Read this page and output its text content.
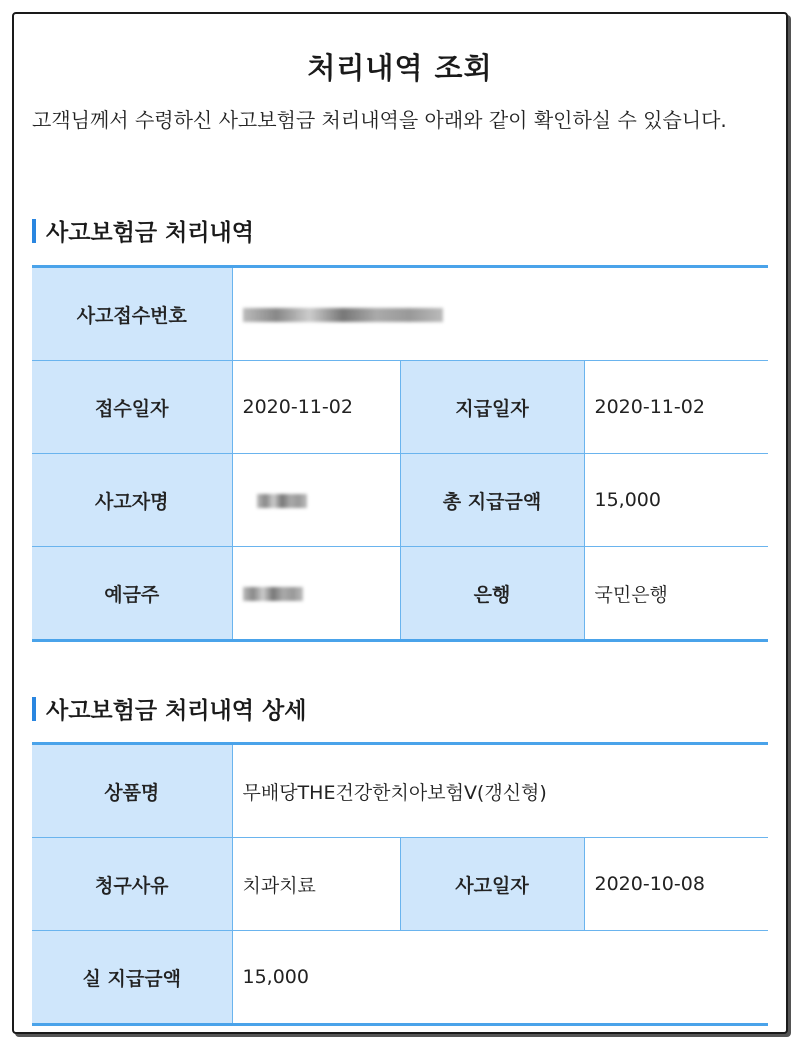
처리내역 조회
고객님께서 수령하신 사고보험금 처리내역을 아래와 같이 확인하실 수 있습니다.
사고보험금 처리내역
사고접수번호			
접수일자	2020-11-02	지급일자	2020-11-02
사고자명		총 지급금액	15,000
예금주		은행	국민은행
사고보험금 처리내역 상세
상품명	무배당THE건강한치아보험Ⅴ(갱신형)		
청구사유	치과치료	사고일자	2020-10-08
실 지급금액	15,000		
